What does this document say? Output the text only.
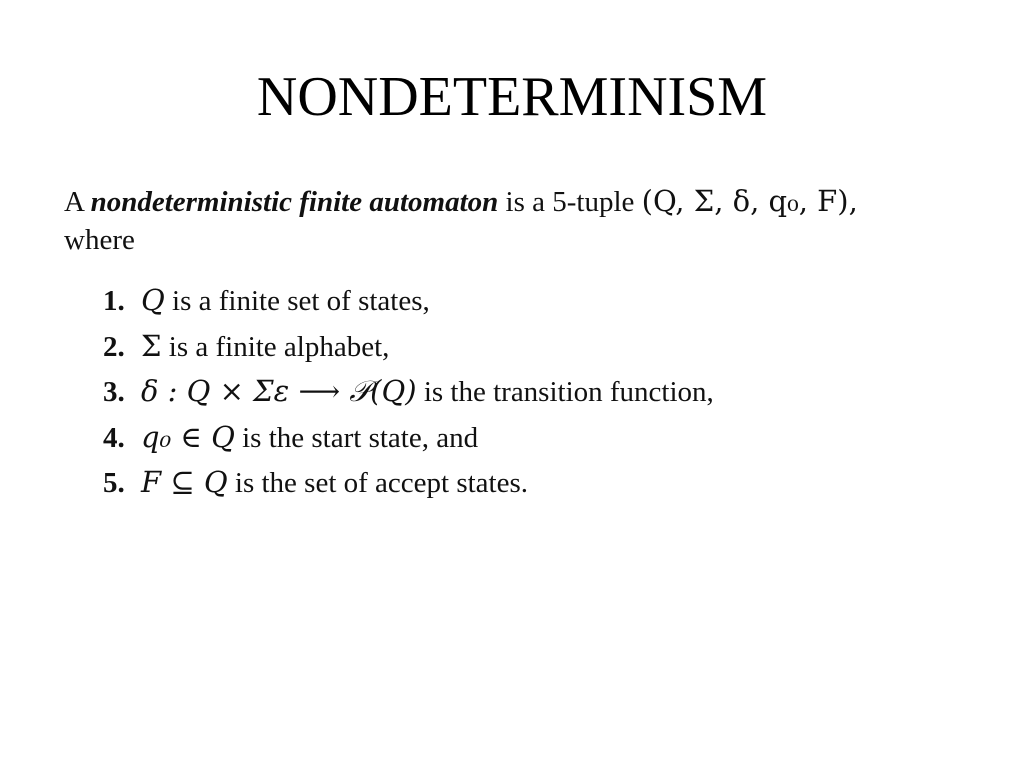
NONDETERMINISM
A nondeterministic finite automaton is a 5-tuple (Q, Σ, δ, q₀, F),
where
1. Q is a finite set of states,
2. Σ is a finite alphabet,
3. δ : Q × Σε ⟶ 𝒫(Q) is the transition function,
4. q₀ ∈ Q is the start state, and
5. F ⊆ Q is the set of accept states.
